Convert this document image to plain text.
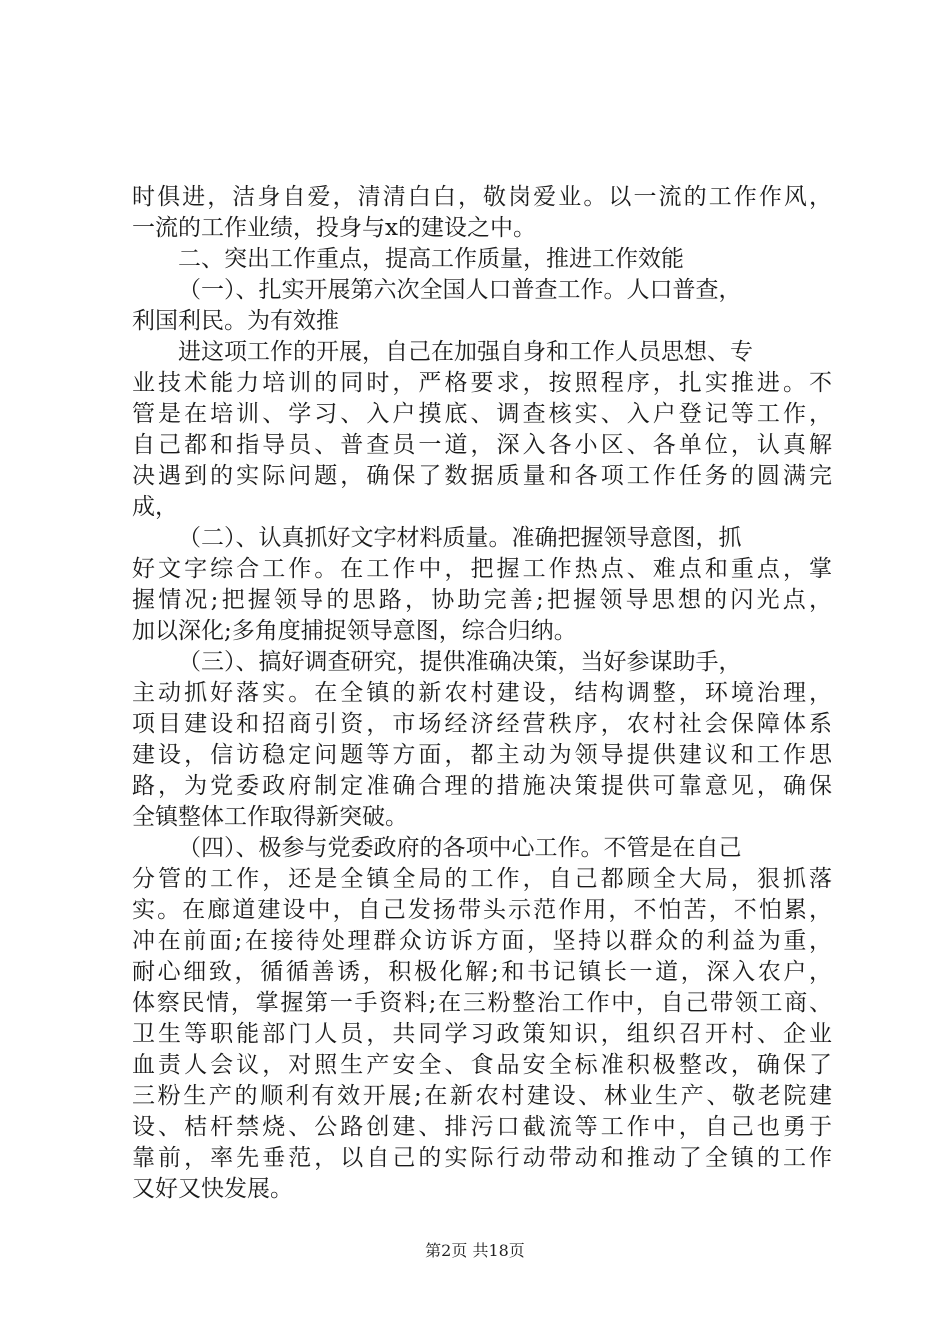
时俱进，洁身自爱，清清白白，敬岗爱业。以一流的工作作风，
一流的工作业绩，投身与x的建设之中。
二、突出工作重点，提高工作质量，推进工作效能
（一）、扎实开展第六次全国人口普查工作。人口普查，
利国利民。为有效推
进这项工作的开展，自己在加强自身和工作人员思想、专
业技术能力培训的同时，严格要求，按照程序，扎实推进。不
管是在培训、学习、入户摸底、调查核实、入户登记等工作，
自己都和指导员、普查员一道，深入各小区、各单位，认真解
决遇到的实际问题，确保了数据质量和各项工作任务的圆满完
成，
（二）、认真抓好文字材料质量。准确把握领导意图，抓
好文字综合工作。在工作中，把握工作热点、难点和重点，掌
握情况;把握领导的思路，协助完善;把握领导思想的闪光点，
加以深化;多角度捕捉领导意图，综合归纳。
（三）、搞好调查研究，提供准确决策，当好参谋助手，
主动抓好落实。在全镇的新农村建设，结构调整，环境治理，
项目建设和招商引资，市场经济经营秩序，农村社会保障体系
建设，信访稳定问题等方面，都主动为领导提供建议和工作思
路，为党委政府制定准确合理的措施决策提供可靠意见，确保
全镇整体工作取得新突破。
（四）、极参与党委政府的各项中心工作。不管是在自己
分管的工作，还是全镇全局的工作，自己都顾全大局，狠抓落
实。在廊道建设中，自己发扬带头示范作用，不怕苦，不怕累，
冲在前面;在接待处理群众访诉方面，坚持以群众的利益为重，
耐心细致，循循善诱，积极化解;和书记镇长一道，深入农户，
体察民情，掌握第一手资料;在三粉整治工作中，自己带领工商、
卫生等职能部门人员，共同学习政策知识，组织召开村、企业
血责人会议，对照生产安全、食品安全标准积极整改，确保了
三粉生产的顺利有效开展;在新农村建设、林业生产、敬老院建
设、桔杆禁烧、公路创建、排污口截流等工作中，自己也勇于
靠前，率先垂范，以自己的实际行动带动和推动了全镇的工作
又好又快发展。
第2页 共18页
